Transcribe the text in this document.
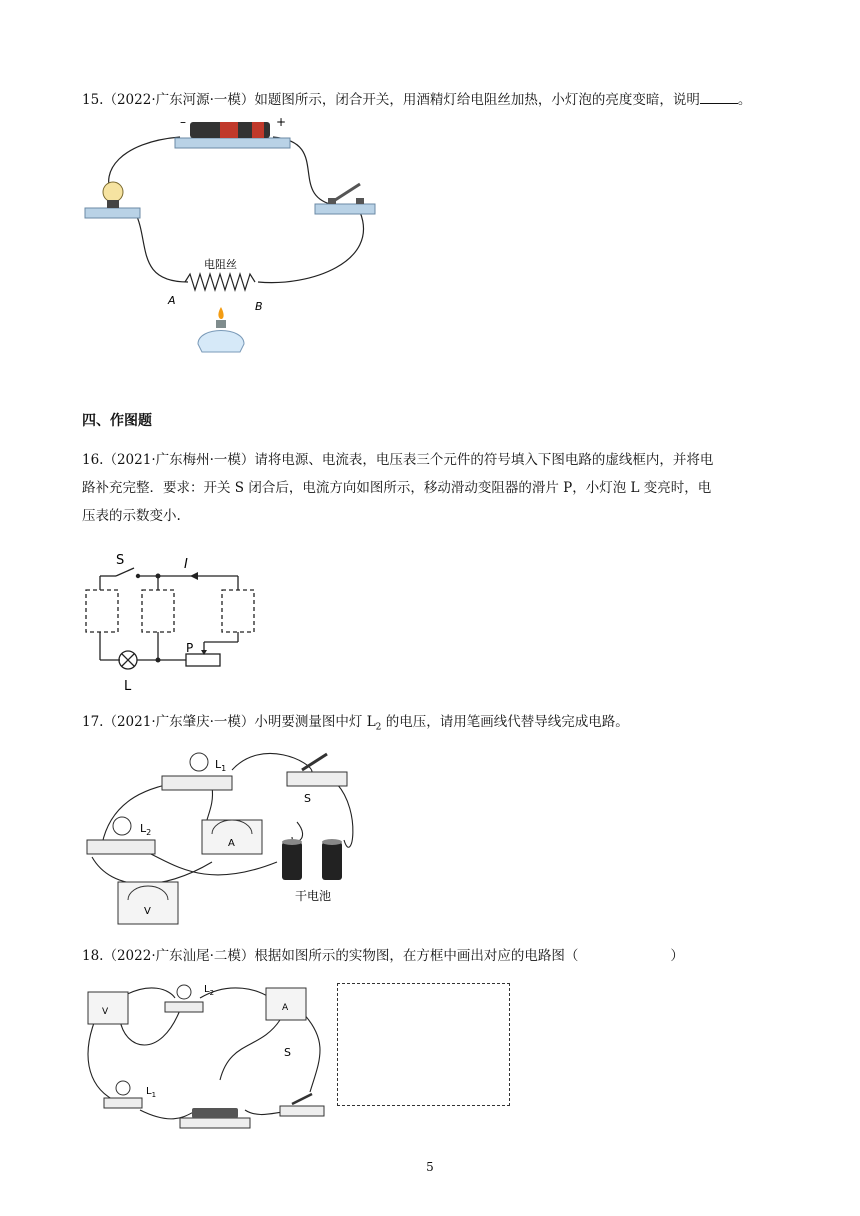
15.（2022·广东河源·一模）如题图所示，闭合开关，用酒精灯给电阻丝加热，小灯泡的亮度变暗，说明	。
–	+
电阻丝
A	B
四、作图题
16.（2021·广东梅州·一模）请将电源、电流表，电压表三个元件的符号填入下图电路的虚线框内，并将电
路补充完整．要求：开关 S 闭合后，电流方向如图所示，移动滑动变阻器的滑片 P，小灯泡 L 变亮时，电
压表的示数变小.
S	I
P
L
17.（2021·广东肇庆·一模）小明要测量图中灯 $L_2$ 的电压，请用笔画线代替导线完成电路。
$L_1$
S
$L_2$
A
干电池
V
18.（2022·广东汕尾·二模）根据如图所示的实物图，在方框中画出对应的电路图（	）
V
$L_2$
A
S
$L_1$
5
